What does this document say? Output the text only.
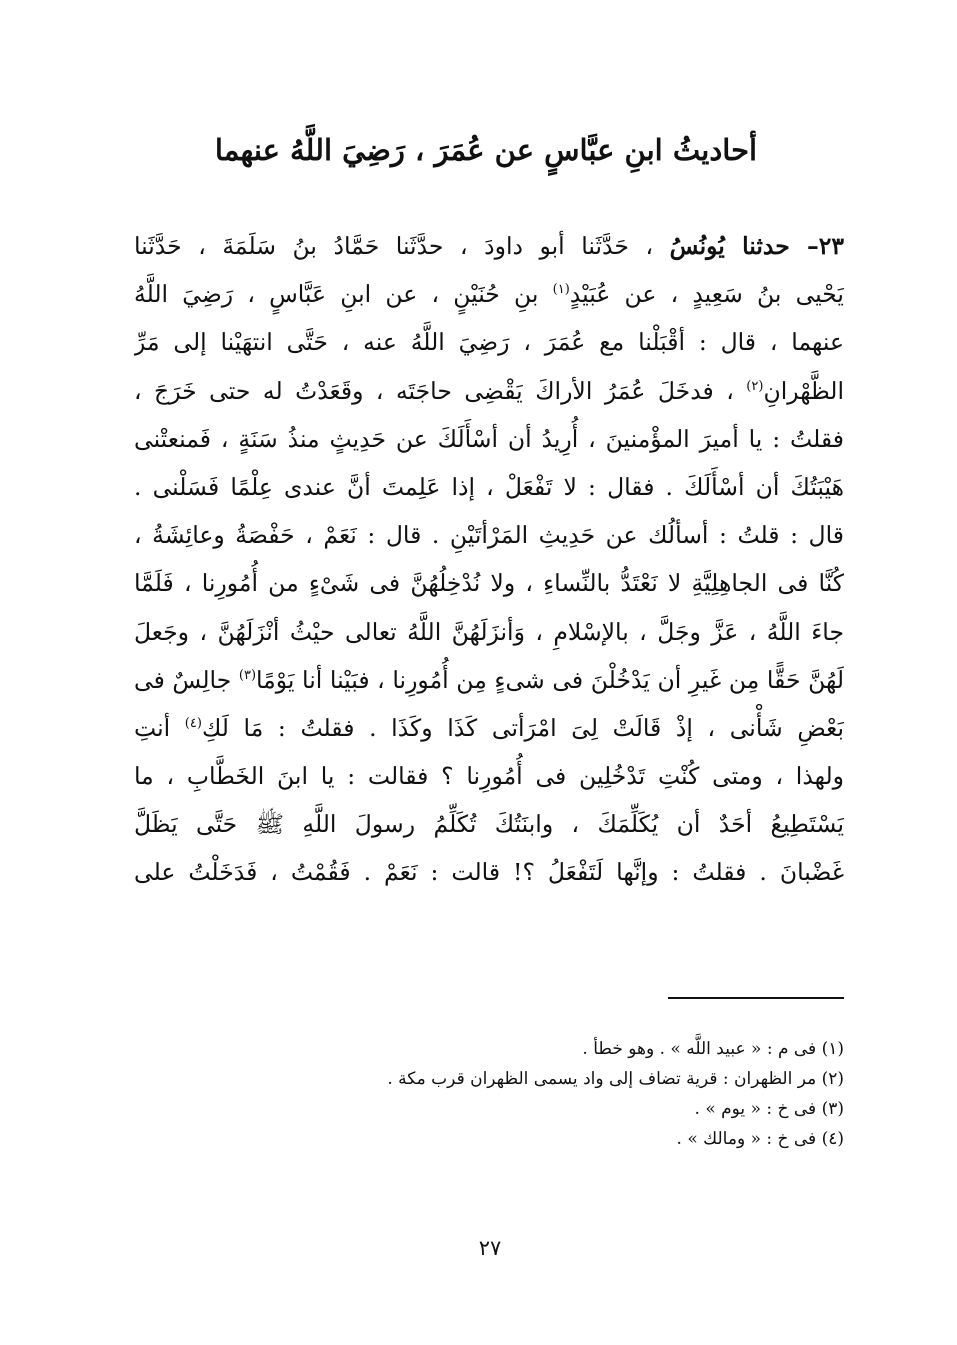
أحاديثُ ابنِ عبَّاسٍ عن عُمَرَ ، رَضِيَ اللَّهُ عنهما
٢٣– حدثنا يُونُسُ ، حَدَّثَنا أبو داودَ ، حدَّثَنا حَمَّادُ بنُ سَلَمَةَ ، حَدَّثَنا
يَحْيى بنُ سَعِيدٍ ، عن عُبَيْدٍ$^{(١)}$ بنِ حُنَيْنٍ ، عن ابنِ عَبَّاسٍ ، رَضِيَ اللَّهُ
عنهما ، قال : أقْبَلْنا مع عُمَرَ ، رَضِيَ اللَّهُ عنه ، حَتَّى انتهَيْنا إلى مَرِّ
الظَّهْرانِ$^{(٢)}$ ، فدخَلَ عُمَرُ الأراكَ يَقْضِى حاجَتَه ، وقَعَدْتُ له حتى خَرَجَ ،
فقلتُ : يا أميرَ المؤْمنينَ ، أُرِيدُ أن أسْأَلَكَ عن حَدِيثٍ منذُ سَنَةٍ ، فَمنعتْنى
هَيْبَتُكَ أن أسْأَلَكَ . فقال : لا تَفْعَلْ ، إذا عَلِمتَ أنَّ عندى عِلْمًا فَسَلْنى .
قال : قلتُ : أسألُك عن حَدِيثِ المَرْأتَيْنِ . قال : نَعَمْ ، حَفْصَةُ وعائِشَةُ ،
كُنَّا فى الجاهِلِيَّةِ لا نَعْتَدُّ بالنِّساءِ ، ولا نُدْخِلُهُنَّ فى شَىْءٍ من أُمُورِنا ، فَلَمَّا
جاءَ اللَّهُ ، عَزَّ وجَلَّ ، بالإسْلامِ ، وَأنزَلَهُنَّ اللَّهُ تعالى حيْثُ أنْزَلَهُنَّ ، وجَعلَ
لَهُنَّ حَقًّا مِن غَيرِ أن يَدْخُلْنَ فى شىءٍ مِن أُمُورِنا ، فبَيْنا أنا يَوْمًا$^{(٣)}$ جالِسٌ فى
بَعْضِ شَأْنى ، إذْ قَالَتْ لِىَ امْرَأتى كَذَا وكَذَا . فقلتُ : مَا لَكِ$^{(٤)}$ أنتِ
ولهذا ، ومتى كُنْتِ تَدْخُلِين فى أُمُورِنا ؟ فقالت : يا ابنَ الخَطَّابِ ، ما
يَسْتَطِيعُ أحَدٌ أن يُكَلِّمَكَ ، وابنَتُكَ تُكَلِّمُ رسولَ اللَّهِ ﷺ حَتَّى يَظَلَّ
غَضْبانَ . فقلتُ : وإنَّها لَتَفْعَلُ ؟! قالت : نَعَمْ . فَقُمْتُ ، فَدَخَلْتُ على
(١) فى م : « عبيد اللَّه » . وهو خطأ .
(٢) مر الظهران : قرية تضاف إلى واد يسمى الظهران قرب مكة .
(٣) فى خ : « يوم » .
(٤) فى خ : « ومالك » .
٢٧
